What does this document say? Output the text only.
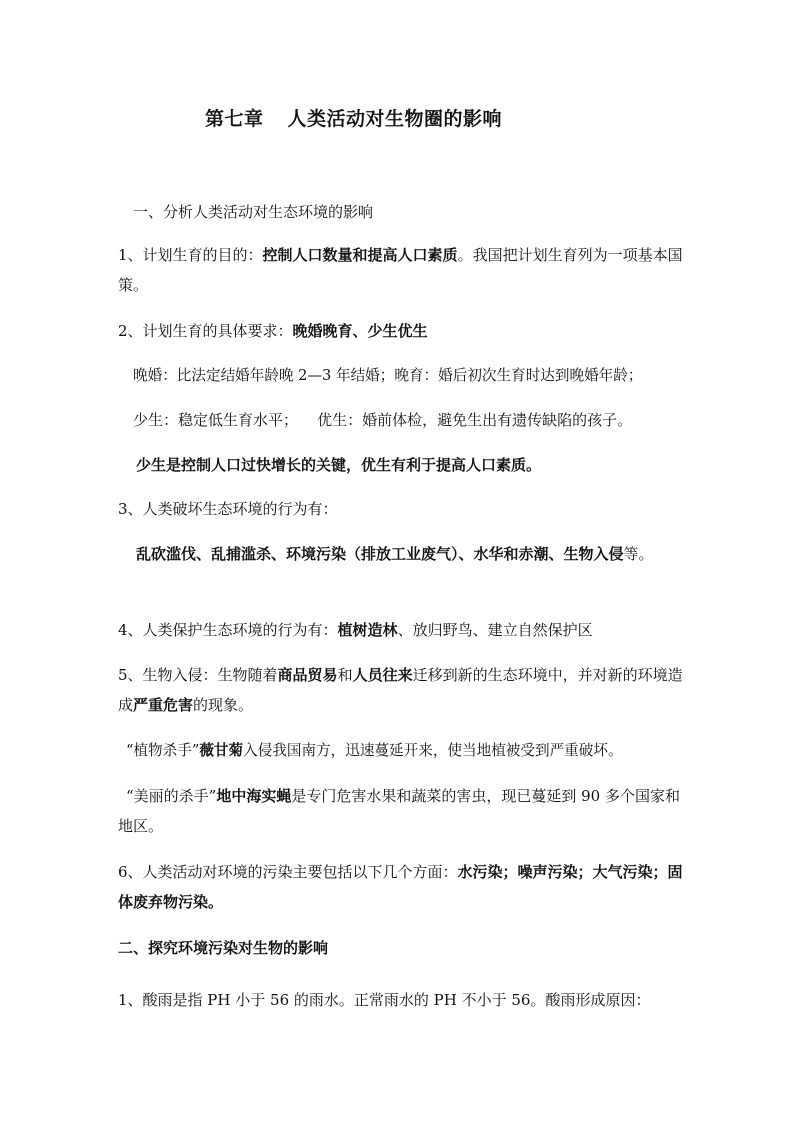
第七章 人类活动对生物圈的影响
一、分析人类活动对生态环境的影响
1、计划生育的目的：控制人口数量和提高人口素质。我国把计划生育列为一项基本国策。
2、计划生育的具体要求：晚婚晚育、少生优生
晚婚：比法定结婚年龄晚 2—3 年结婚；晚育：婚后初次生育时达到晚婚年龄；
少生：稳定低生育水平；    优生：婚前体检，避免生出有遗传缺陷的孩子。
少生是控制人口过快增长的关键，优生有利于提高人口素质。
3、人类破坏生态环境的行为有：
乱砍滥伐、乱捕滥杀、环境污染（排放工业废气）、水华和赤潮、生物入侵等。
4、人类保护生态环境的行为有：植树造林、放归野鸟、建立自然保护区
5、生物入侵：生物随着商品贸易和人员往来迁移到新的生态环境中，并对新的环境造成严重危害的现象。
“植物杀手”薇甘菊入侵我国南方，迅速蔓延开来，使当地植被受到严重破坏。
“美丽的杀手”地中海实蝇是专门危害水果和蔬菜的害虫，现已蔓延到 90 多个国家和地区。
6、人类活动对环境的污染主要包括以下几个方面：水污染；噪声污染；大气污染；固体废弃物污染。
二、探究环境污染对生物的影响
1、酸雨是指 PH 小于 56 的雨水。正常雨水的 PH 不小于 56。酸雨形成原因：
